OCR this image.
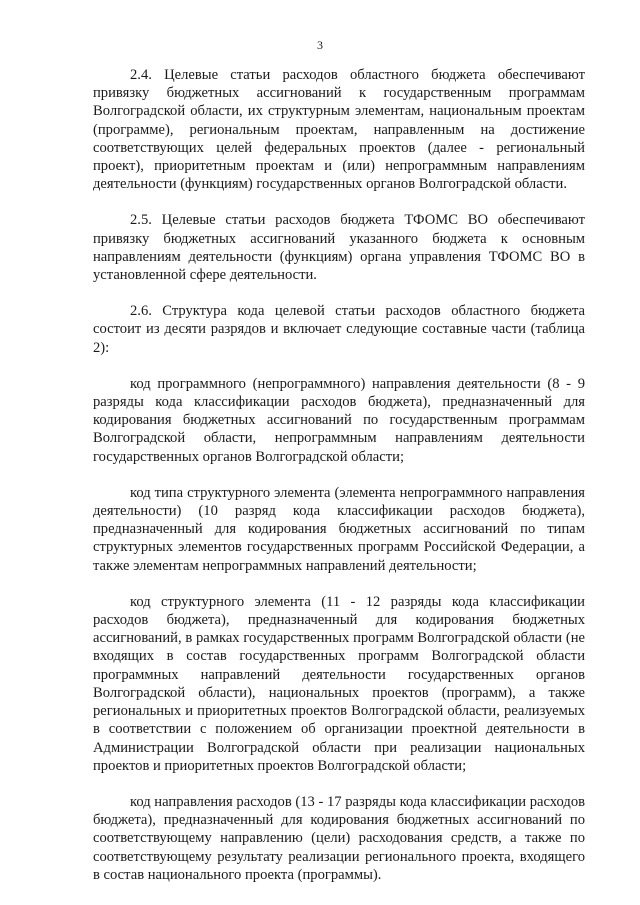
3

2.4. Целевые статьи расходов областного бюджета обеспечивают привязку бюджетных ассигнований к государственным программам Волгоградской области, их структурным элементам, национальным проектам (программе), региональным проектам, направленным на достижение соответствующих целей федеральных проектов (далее - региональный проект), приоритетным проектам и (или) непрограммным направлениям деятельности (функциям) государственных органов Волгоградской области.

2.5. Целевые статьи расходов бюджета ТФОМС ВО обеспечивают привязку бюджетных ассигнований указанного бюджета к основным направлениям деятельности (функциям) органа управления ТФОМС ВО в установленной сфере деятельности.

2.6. Структура кода целевой статьи расходов областного бюджета состоит из десяти разрядов и включает следующие составные части (таблица 2):

код программного (непрограммного) направления деятельности (8 - 9 разряды кода классификации расходов бюджета), предназначенный для кодирования бюджетных ассигнований по государственным программам Волгоградской области, непрограммным направлениям деятельности государственных органов Волгоградской области;

код типа структурного элемента (элемента непрограммного направления деятельности) (10 разряд кода классификации расходов бюджета), предназначенный для кодирования бюджетных ассигнований по типам структурных элементов государственных программ Российской Федерации, а также элементам непрограммных направлений деятельности;

код структурного элемента (11 - 12 разряды кода классификации расходов бюджета), предназначенный для кодирования бюджетных ассигнований, в рамках государственных программ Волгоградской области (не входящих в состав государственных программ Волгоградской области программных направлений деятельности государственных органов Волгоградской области), национальных проектов (программ), а также региональных и приоритетных проектов Волгоградской области, реализуемых в соответствии с положением об организации проектной деятельности в Администрации Волгоградской области при реализации национальных проектов и приоритетных проектов Волгоградской области;

код направления расходов (13 - 17 разряды кода классификации расходов бюджета), предназначенный для кодирования бюджетных ассигнований по соответствующему направлению (цели) расходования средств, а также по соответствующему результату реализации регионального проекта, входящего в состав национального проекта (программы).
